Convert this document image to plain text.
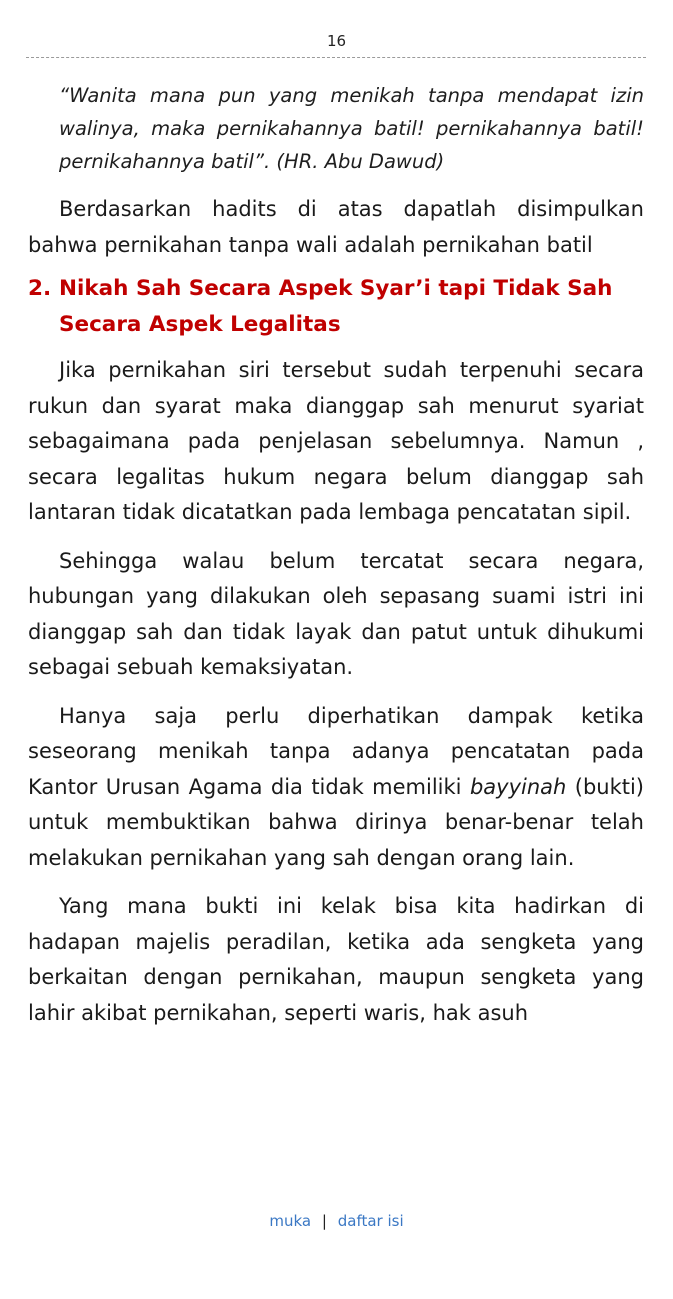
16

“Wanita mana pun yang menikah tanpa mendapat izin walinya, maka pernikahannya batil! pernikahannya batil! pernikahannya batil”. (HR. Abu Dawud)

Berdasarkan hadits di atas dapatlah disimpulkan bahwa pernikahan tanpa wali adalah pernikahan batil

2. Nikah Sah Secara Aspek Syar’i tapi Tidak Sah Secara Aspek Legalitas

Jika pernikahan siri tersebut sudah terpenuhi secara rukun dan syarat maka dianggap sah menurut syariat sebagaimana pada penjelasan sebelumnya. Namun , secara legalitas hukum negara belum dianggap sah lantaran tidak dicatatkan pada lembaga pencatatan sipil.

Sehingga walau belum tercatat secara negara, hubungan yang dilakukan oleh sepasang suami istri ini dianggap sah dan tidak layak dan patut untuk dihukumi sebagai sebuah kemaksiyatan.

Hanya saja perlu diperhatikan dampak ketika seseorang menikah tanpa adanya pencatatan pada Kantor Urusan Agama dia tidak memiliki bayyinah (bukti) untuk membuktikan bahwa dirinya benar-benar telah melakukan pernikahan yang sah dengan orang lain.

Yang mana bukti ini kelak bisa kita hadirkan di hadapan majelis peradilan, ketika ada sengketa yang berkaitan dengan pernikahan, maupun sengketa yang lahir akibat pernikahan, seperti waris, hak asuh

muka | daftar isi
